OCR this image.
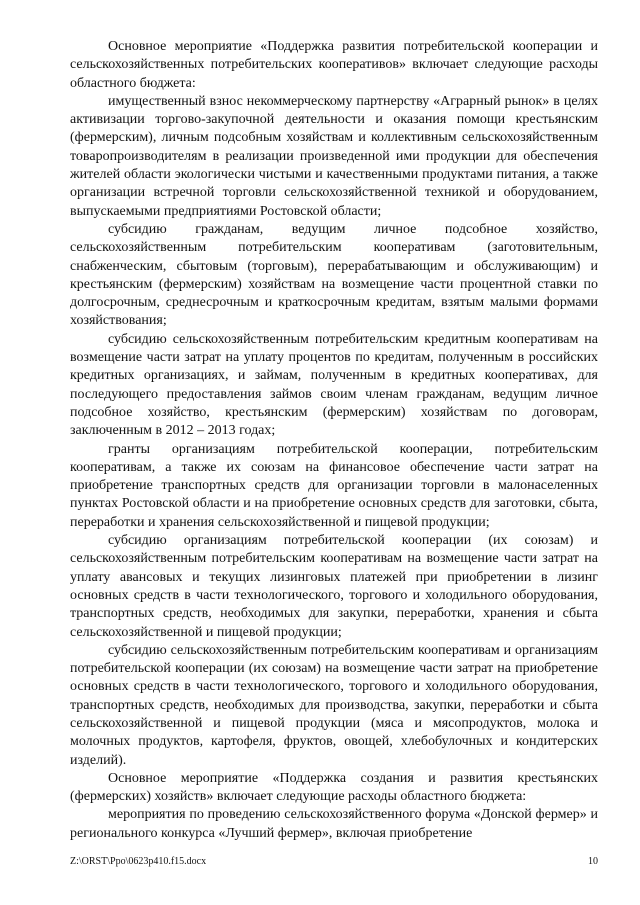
Основное мероприятие «Поддержка развития потребительской кооперации и сельскохозяйственных потребительских кооперативов» включает следующие расходы областного бюджета:

имущественный взнос некоммерческому партнерству «Аграрный рынок» в целях активизации торгово-закупочной деятельности и оказания помощи крестьянским (фермерским), личным подсобным хозяйствам и коллективным сельскохозяйственным товаропроизводителям в реализации произведенной ими продукции для обеспечения жителей области экологически чистыми и качественными продуктами питания, а также организации встречной торговли сельскохозяйственной техникой и оборудованием, выпускаемыми предприятиями Ростовской области;

субсидию гражданам, ведущим личное подсобное хозяйство, сельскохозяйственным потребительским кооперативам (заготовительным, снабженческим, сбытовым (торговым), перерабатывающим и обслуживающим) и крестьянским (фермерским) хозяйствам на возмещение части процентной ставки по долгосрочным, среднесрочным и краткосрочным кредитам, взятым малыми формами хозяйствования;

субсидию сельскохозяйственным потребительским кредитным кооперативам на возмещение части затрат на уплату процентов по кредитам, полученным в российских кредитных организациях, и займам, полученным в кредитных кооперативах, для последующего предоставления займов своим членам гражданам, ведущим личное подсобное хозяйство, крестьянским (фермерским) хозяйствам по договорам, заключенным в 2012 – 2013 годах;

гранты организациям потребительской кооперации, потребительским кооперативам, а также их союзам на финансовое обеспечение части затрат на приобретение транспортных средств для организации торговли в малонаселенных пунктах Ростовской области и на приобретение основных средств для заготовки, сбыта, переработки и хранения сельскохозяйственной и пищевой продукции;

субсидию организациям потребительской кооперации (их союзам) и сельскохозяйственным потребительским кооперативам на возмещение части затрат на уплату авансовых и текущих лизинговых платежей при приобретении в лизинг основных средств в части технологического, торгового и холодильного оборудования, транспортных средств, необходимых для закупки, переработки, хранения и сбыта сельскохозяйственной и пищевой продукции;

субсидию сельскохозяйственным потребительским кооперативам и организациям потребительской кооперации (их союзам) на возмещение части затрат на приобретение основных средств в части технологического, торгового и холодильного оборудования, транспортных средств, необходимых для производства, закупки, переработки и сбыта сельскохозяйственной и пищевой продукции (мяса и мясопродуктов, молока и молочных продуктов, картофеля, фруктов, овощей, хлебобулочных и кондитерских изделий).

Основное мероприятие «Поддержка создания и развития крестьянских (фермерских) хозяйств» включает следующие расходы областного бюджета:

мероприятия по проведению сельскохозяйственного форума «Донской фермер» и регионального конкурса «Лучший фермер», включая приобретение

Z:\ORST\Ppo\0623p410.f15.docx	10
